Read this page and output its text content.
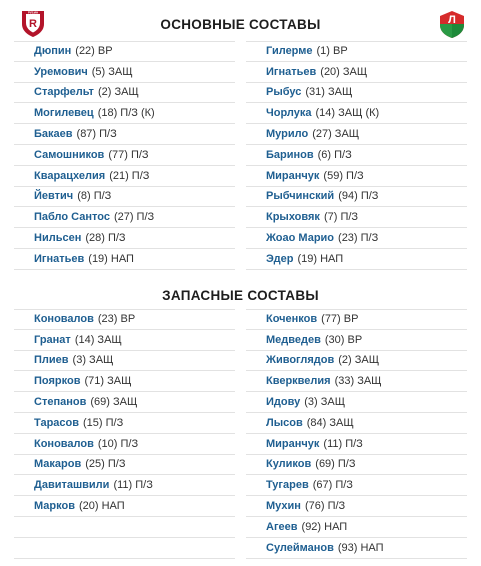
R
РУБИН
Л
ОСНОВНЫЕ СОСТАВЫ
ЗАПАСНЫЕ СОСТАВЫ
Дюпин (22) ВР
Уремович (5) ЗАЩ
Старфельт (2) ЗАЩ
Могилевец (18) П/З (К)
Бакаев (87) П/З
Самошников (77) П/З
Кварацхелия (21) П/З
Йевтич (8) П/З
Пабло Сантос (27) П/З
Нильсен (28) П/З
Игнатьев (19) НАП
Гилерме (1) ВР
Игнатьев (20) ЗАЩ
Рыбус (31) ЗАЩ
Чорлука (14) ЗАЩ (К)
Мурило (27) ЗАЩ
Баринов (6) П/З
Миранчук (59) П/З
Рыбчинский (94) П/З
Крыховяк (7) П/З
Жоао Марио (23) П/З
Эдер (19) НАП
Коновалов (23) ВР
Гранат (14) ЗАЩ
Плиев (3) ЗАЩ
Поярков (71) ЗАЩ
Степанов (69) ЗАЩ
Тарасов (15) П/З
Коновалов (10) П/З
Макаров (25) П/З
Давиташвили (11) П/З
Марков (20) НАП
Коченков (77) ВР
Медведев (30) ВР
Живоглядов (2) ЗАЩ
Кверквелия (33) ЗАЩ
Идову (3) ЗАЩ
Лысов (84) ЗАЩ
Миранчук (11) П/З
Куликов (69) П/З
Тугарев (67) П/З
Мухин (76) П/З
Агеев (92) НАП
Сулейманов (93) НАП
